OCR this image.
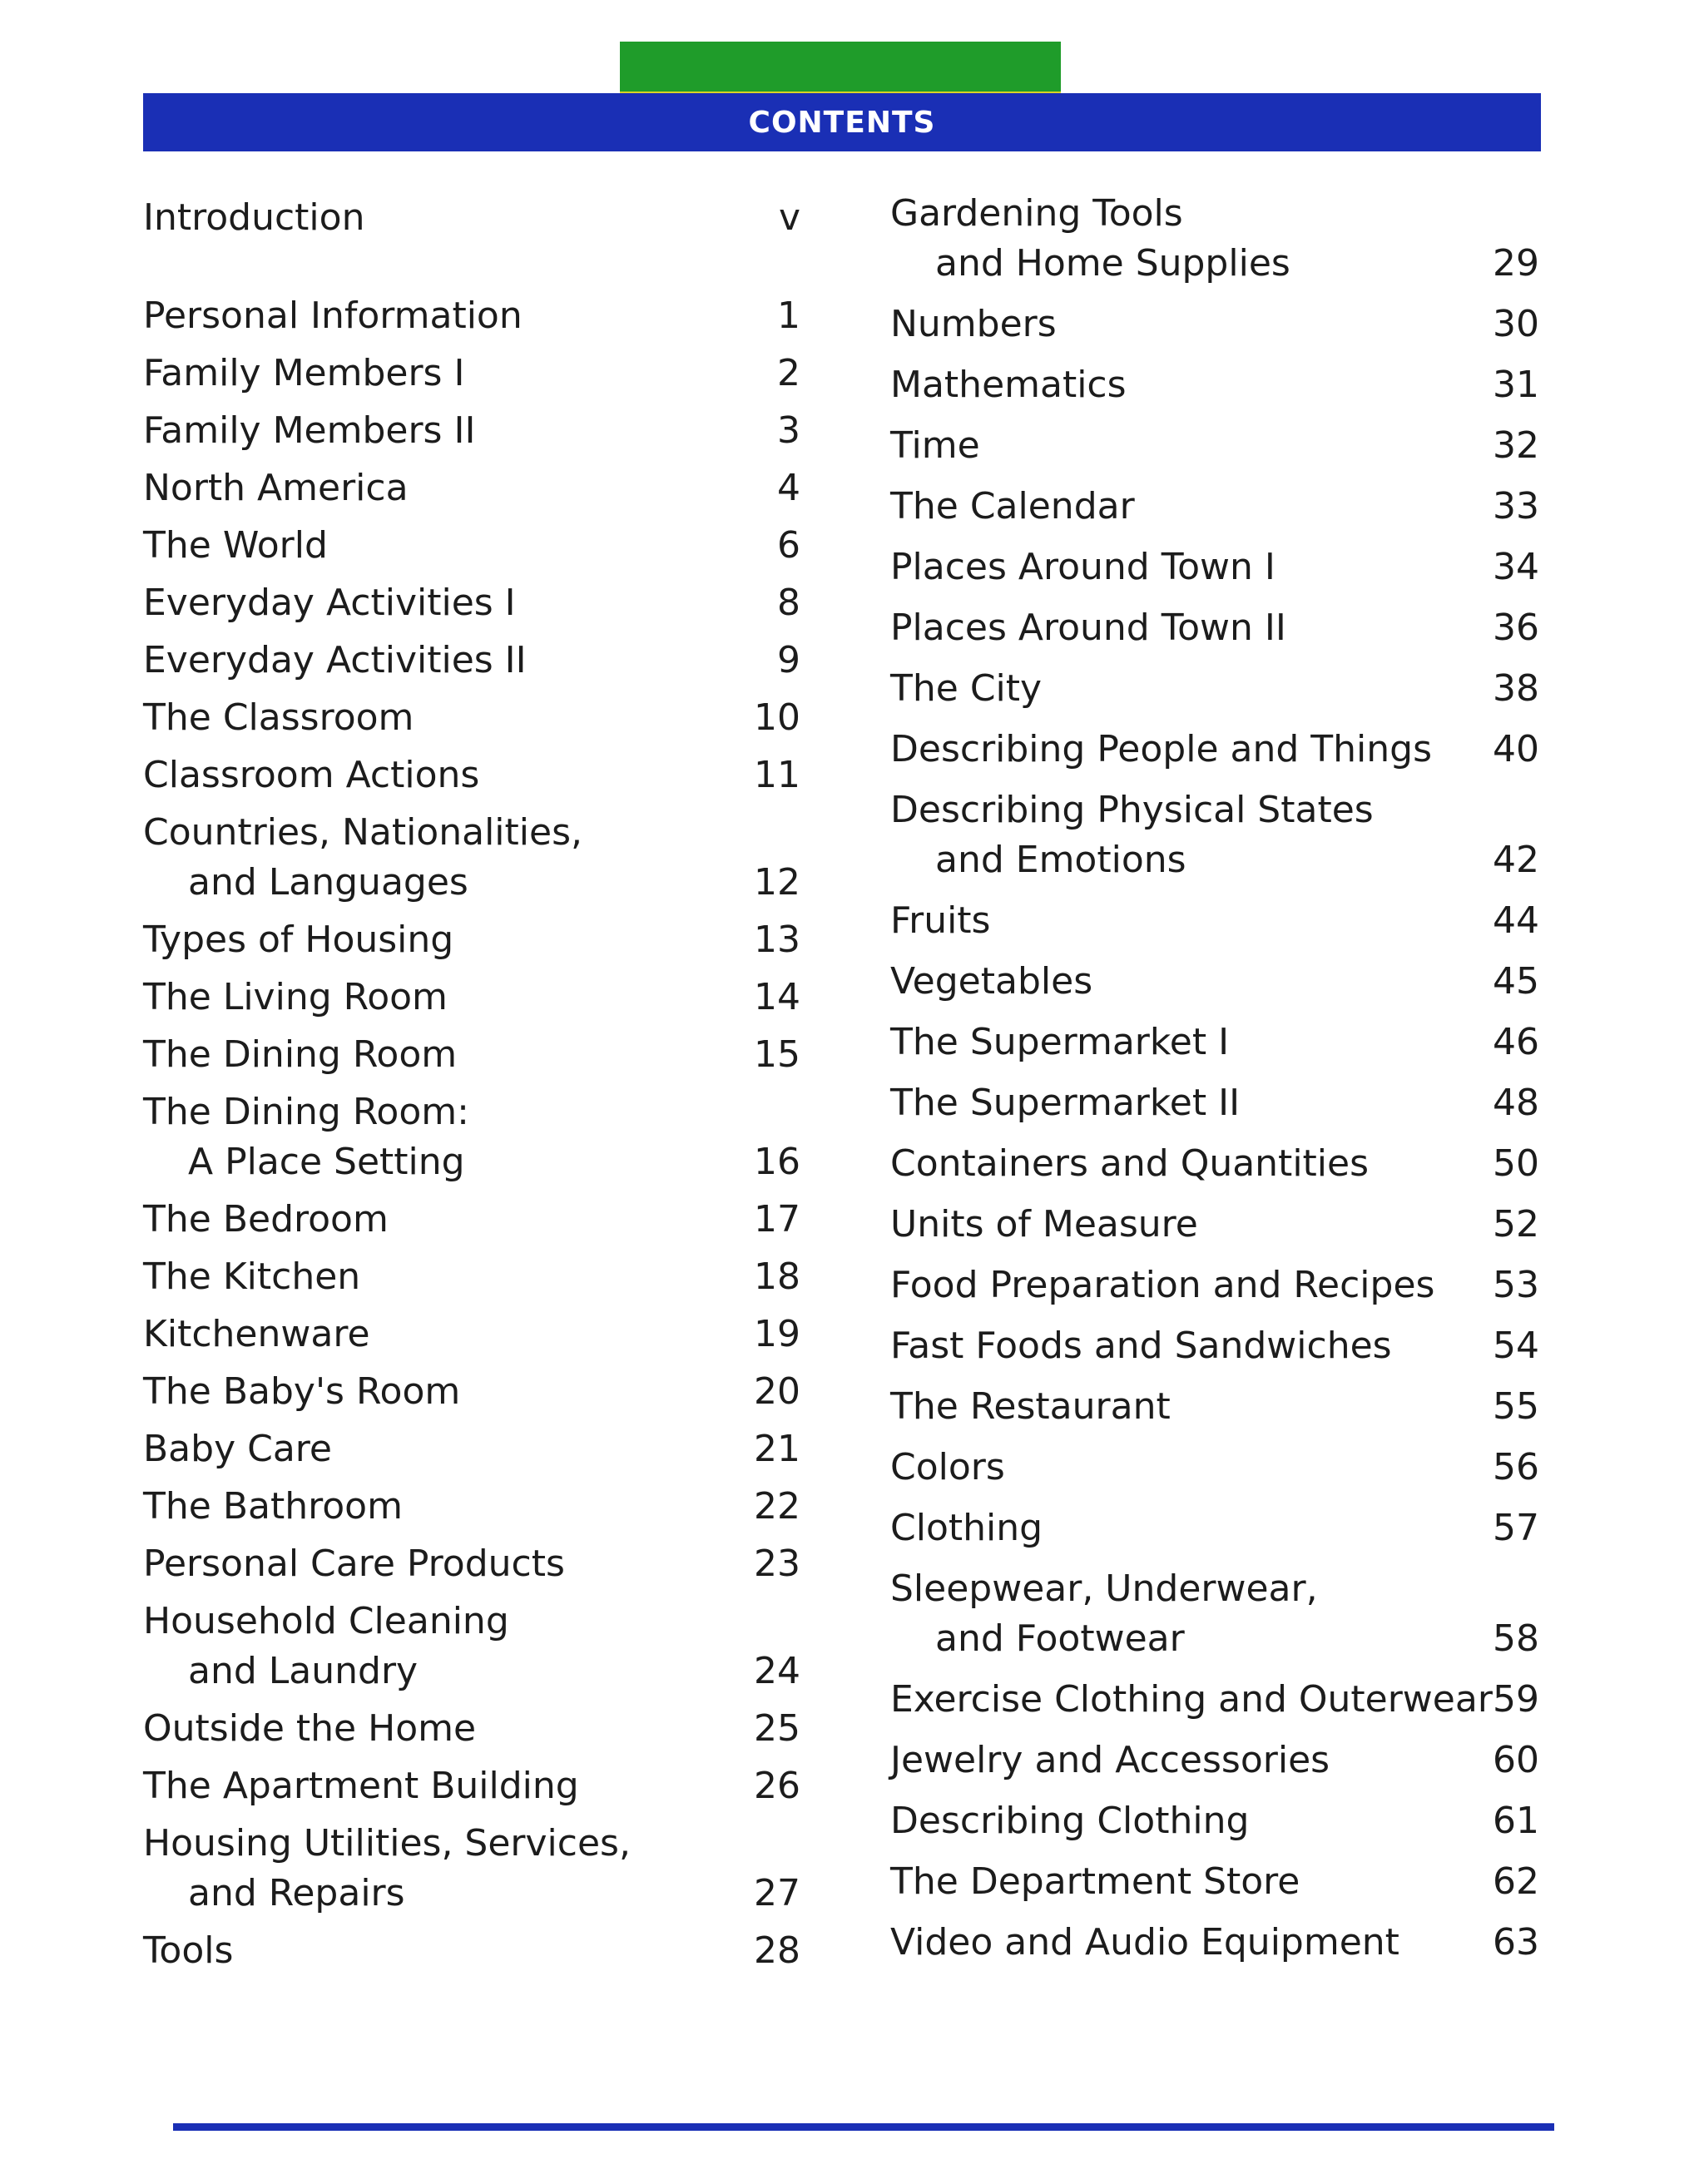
CONTENTS
Introduction	v
Personal Information	1
Family Members I	2
Family Members II	3
North America	4
The World	6
Everyday Activities I	8
Everyday Activities II	9
The Classroom	10
Classroom Actions	11
Countries, Nationalities,
and Languages	12
Types of Housing	13
The Living Room	14
The Dining Room	15
The Dining Room:
A Place Setting	16
The Bedroom	17
The Kitchen	18
Kitchenware	19
The Baby's Room	20
Baby Care	21
The Bathroom	22
Personal Care Products	23
Household Cleaning
and Laundry	24
Outside the Home	25
The Apartment Building	26
Housing Utilities, Services,
and Repairs	27
Tools	28
Gardening Tools
and Home Supplies	29
Numbers	30
Mathematics	31
Time	32
The Calendar	33
Places Around Town I	34
Places Around Town II	36
The City	38
Describing People and Things	40
Describing Physical States
and Emotions	42
Fruits	44
Vegetables	45
The Supermarket I	46
The Supermarket II	48
Containers and Quantities	50
Units of Measure	52
Food Preparation and Recipes	53
Fast Foods and Sandwiches	54
The Restaurant	55
Colors	56
Clothing	57
Sleepwear, Underwear,
and Footwear	58
Exercise Clothing and Outerwear 59
Jewelry and Accessories	60
Describing Clothing	61
The Department Store	62
Video and Audio Equipment	63
